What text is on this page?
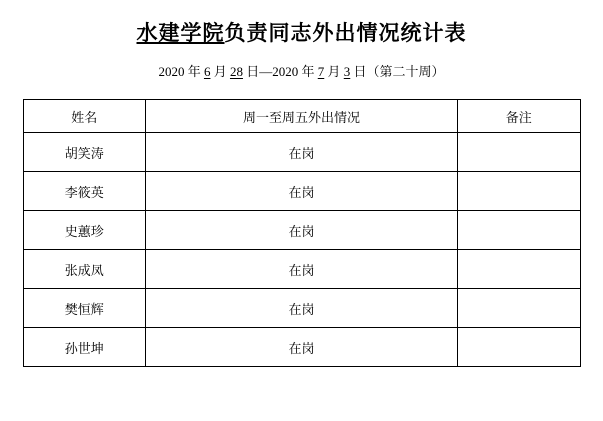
水建学院负责同志外出情况统计表

2020 年 6 月 28 日—2020 年 7 月 3 日（第二十周）

姓名	周一至周五外出情况	备注
胡笑涛	在岗	
李筱英	在岗	
史蕙珍	在岗	
张成凤	在岗	
樊恒辉	在岗	
孙世坤	在岗	
